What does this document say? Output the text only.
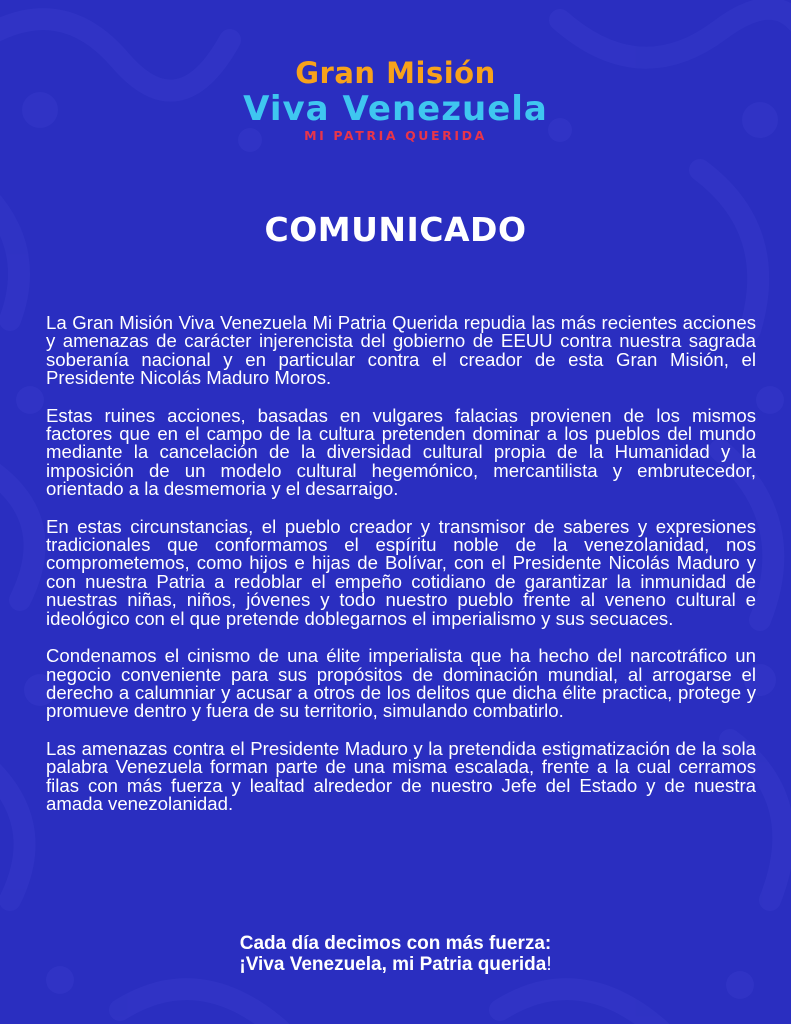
Gran Misión
Viva Venezuela
MI PATRIA QUERIDA
COMUNICADO

La Gran Misión Viva Venezuela Mi Patria Querida repudia las más recientes acciones y amenazas de carácter injerencista del gobierno de EEUU contra nuestra sagrada soberanía nacional y en particular contra el creador de esta Gran Misión, el Presidente Nicolás Maduro Moros.

Estas ruines acciones, basadas en vulgares falacias provienen de los mismos factores que en el campo de la cultura pretenden dominar a los pueblos del mundo mediante la cancelación de la diversidad cultural propia de la Humanidad y la imposición de un modelo cultural hegemónico, mercantilista y embrutecedor, orientado a la desmemoria y el desarraigo.

En estas circunstancias, el pueblo creador y transmisor de saberes y expresiones tradicionales que conformamos el espíritu noble de la venezolanidad, nos comprometemos, como hijos e hijas de Bolívar, con el Presidente Nicolás Maduro y con nuestra Patria a redoblar el empeño cotidiano de garantizar la inmunidad de nuestras niñas, niños, jóvenes y todo nuestro pueblo frente al veneno cultural e ideológico con el que pretende doblegarnos el imperialismo y sus secuaces.

Condenamos el cinismo de una élite imperialista que ha hecho del narcotráfico un negocio conveniente para sus propósitos de dominación mundial, al arrogarse el derecho a calumniar y acusar a otros de los delitos que dicha élite practica, protege y promueve dentro y fuera de su territorio, simulando combatirlo.

Las amenazas contra el Presidente Maduro y la pretendida estigmatización de la sola palabra Venezuela forman parte de una misma escalada, frente a la cual cerramos filas con más fuerza y lealtad alrededor de nuestro Jefe del Estado y de nuestra amada venezolanidad.

Cada día decimos con más fuerza:
¡Viva Venezuela, mi Patria querida!
